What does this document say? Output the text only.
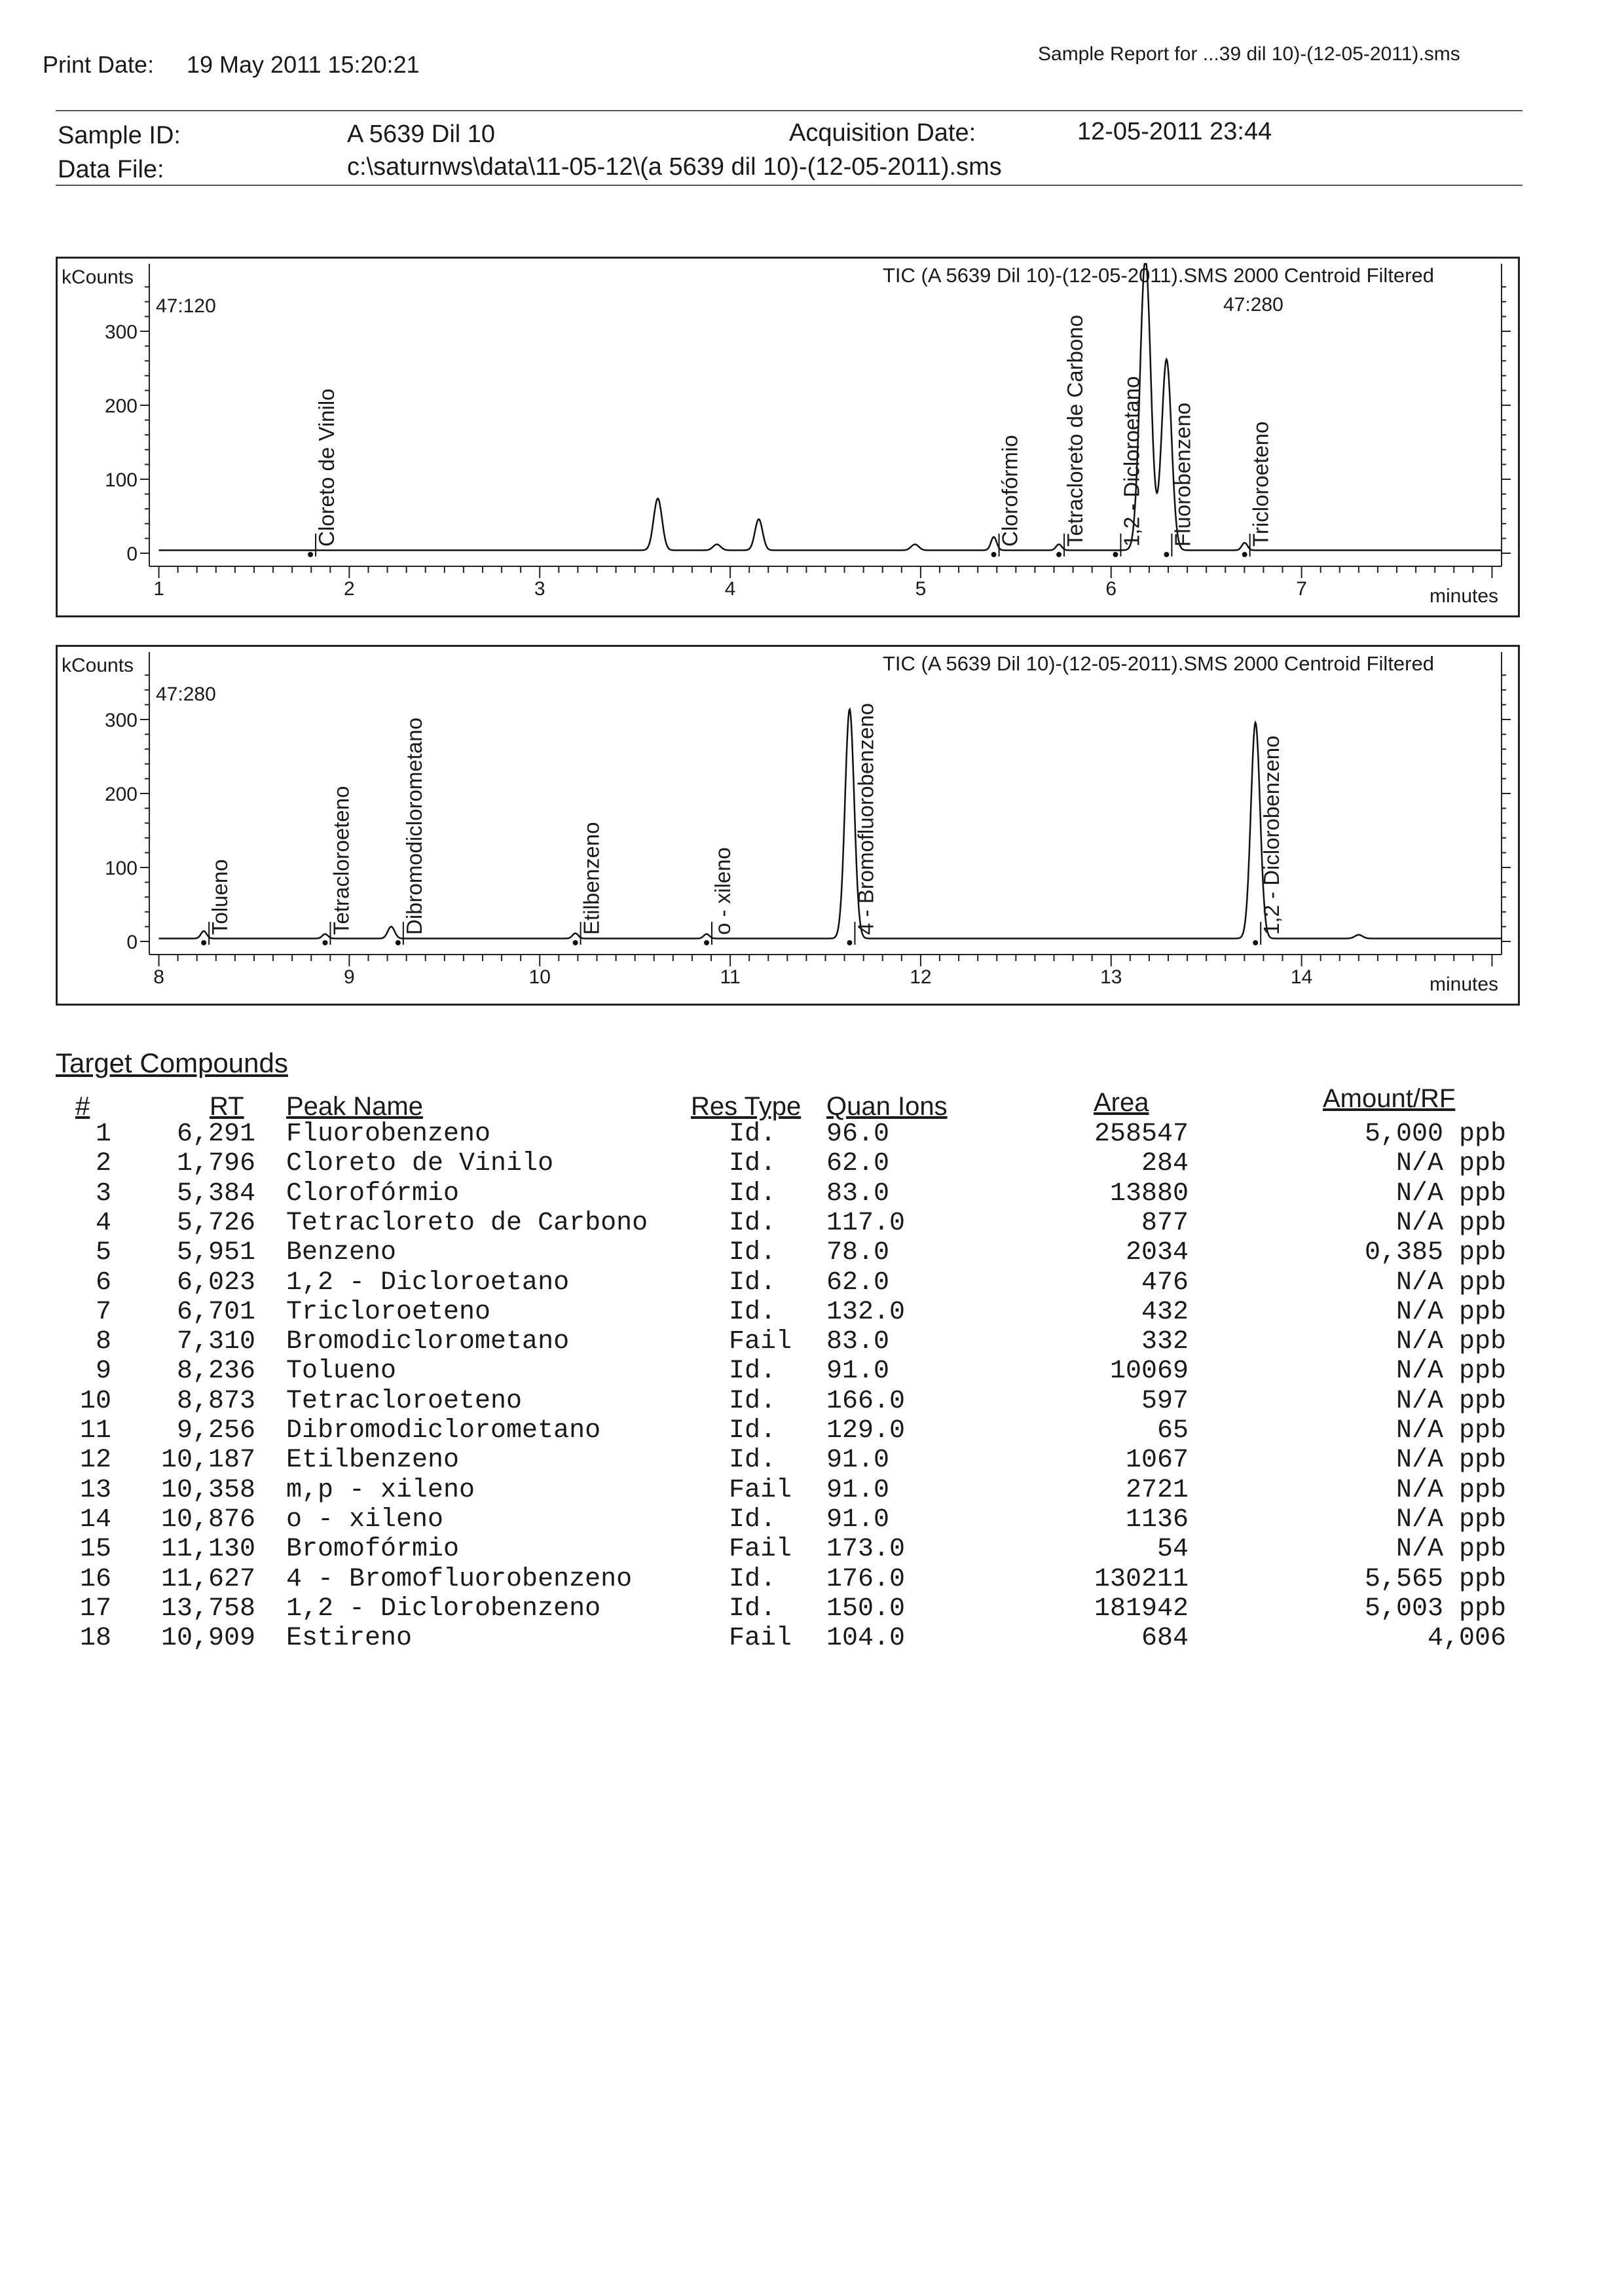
Print Date: 19 May 2011 15:20:21	Sample Report for ...39 dil 10)-(12-05-2011).sms
Sample ID:	A 5639 Dil 10	Acquisition Date:	12-05-2011 23:44
Data File:	c:\saturnws\data\11-05-12\(a 5639 dil 10)-(12-05-2011).sms
0
100
200
300
1	2	3	4	5	6	7
kCounts
minutes
TIC (A 5639 Dil 10)-(12-05-2011).SMS 2000 Centroid Filtered
47:120	47:280
Cloreto de Vinilo	Clorofórmio Tetracloreto de Carbono 1,2 - Dicloroetano Fluorobenzeno Tricloroeteno
0
100
200
300
8	9	10	11	12	13	14
kCounts
minutes
TIC (A 5639 Dil 10)-(12-05-2011).SMS 2000 Centroid Filtered
47:280
Tolueno	Tetracloroeteno Dibromodiclorometano	Etilbenzeno	o - xileno	4 - Bromofluorobenzeno	1,2 - Diclorobenzeno
Target Compounds
#	RT Peak Name	Res Type Quan Ions	Area	Amount/RF
1	6,291 Fluorobenzeno	Id.	96.0	258547	5,000 ppb
2	1,796 Cloreto de Vinilo	Id.	62.0	284	N/A ppb
3	5,384 Clorofórmio	Id.	83.0	13880	N/A ppb
4	5,726 Tetracloreto de Carbono	Id.	117.0	877	N/A ppb
5	5,951 Benzeno	Id.	78.0	2034	0,385 ppb
6	6,023 1,2 - Dicloroetano	Id.	62.0	476	N/A ppb
7	6,701 Tricloroeteno	Id.	132.0	432	N/A ppb
8	7,310 Bromodiclorometano	Fail	83.0	332	N/A ppb
9	8,236 Tolueno	Id.	91.0	10069	N/A ppb
10	8,873 Tetracloroeteno	Id.	166.0	597	N/A ppb
11	9,256 Dibromodiclorometano	Id.	129.0	65	N/A ppb
12	10,187 Etilbenzeno	Id.	91.0	1067	N/A ppb
13	10,358 m,p - xileno	Fail	91.0	2721	N/A ppb
14	10,876 o - xileno	Id.	91.0	1136	N/A ppb
15	11,130 Bromofórmio	Fail	173.0	54	N/A ppb
16	11,627 4 - Bromofluorobenzeno	Id.	176.0	130211	5,565 ppb
17	13,758 1,2 - Diclorobenzeno	Id.	150.0	181942	5,003 ppb
18	10,909 Estireno	Fail	104.0	684	4,006
